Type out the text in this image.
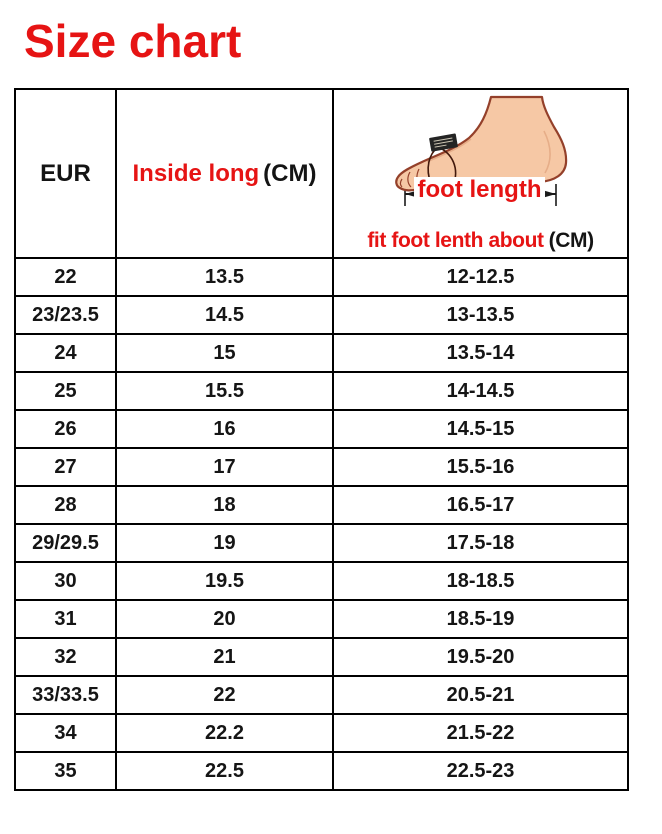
Size chart
EUR	Inside long (CM)	foot length
fit foot lenth about (CM)

22	13.5	12-12.5
23/23.5	14.5	13-13.5
24	15	13.5-14
25	15.5	14-14.5
26	16	14.5-15
27	17	15.5-16
28	18	16.5-17
29/29.5	19	17.5-18
30	19.5	18-18.5
31	20	18.5-19
32	21	19.5-20
33/33.5	22	20.5-21
34	22.2	21.5-22
35	22.5	22.5-23
